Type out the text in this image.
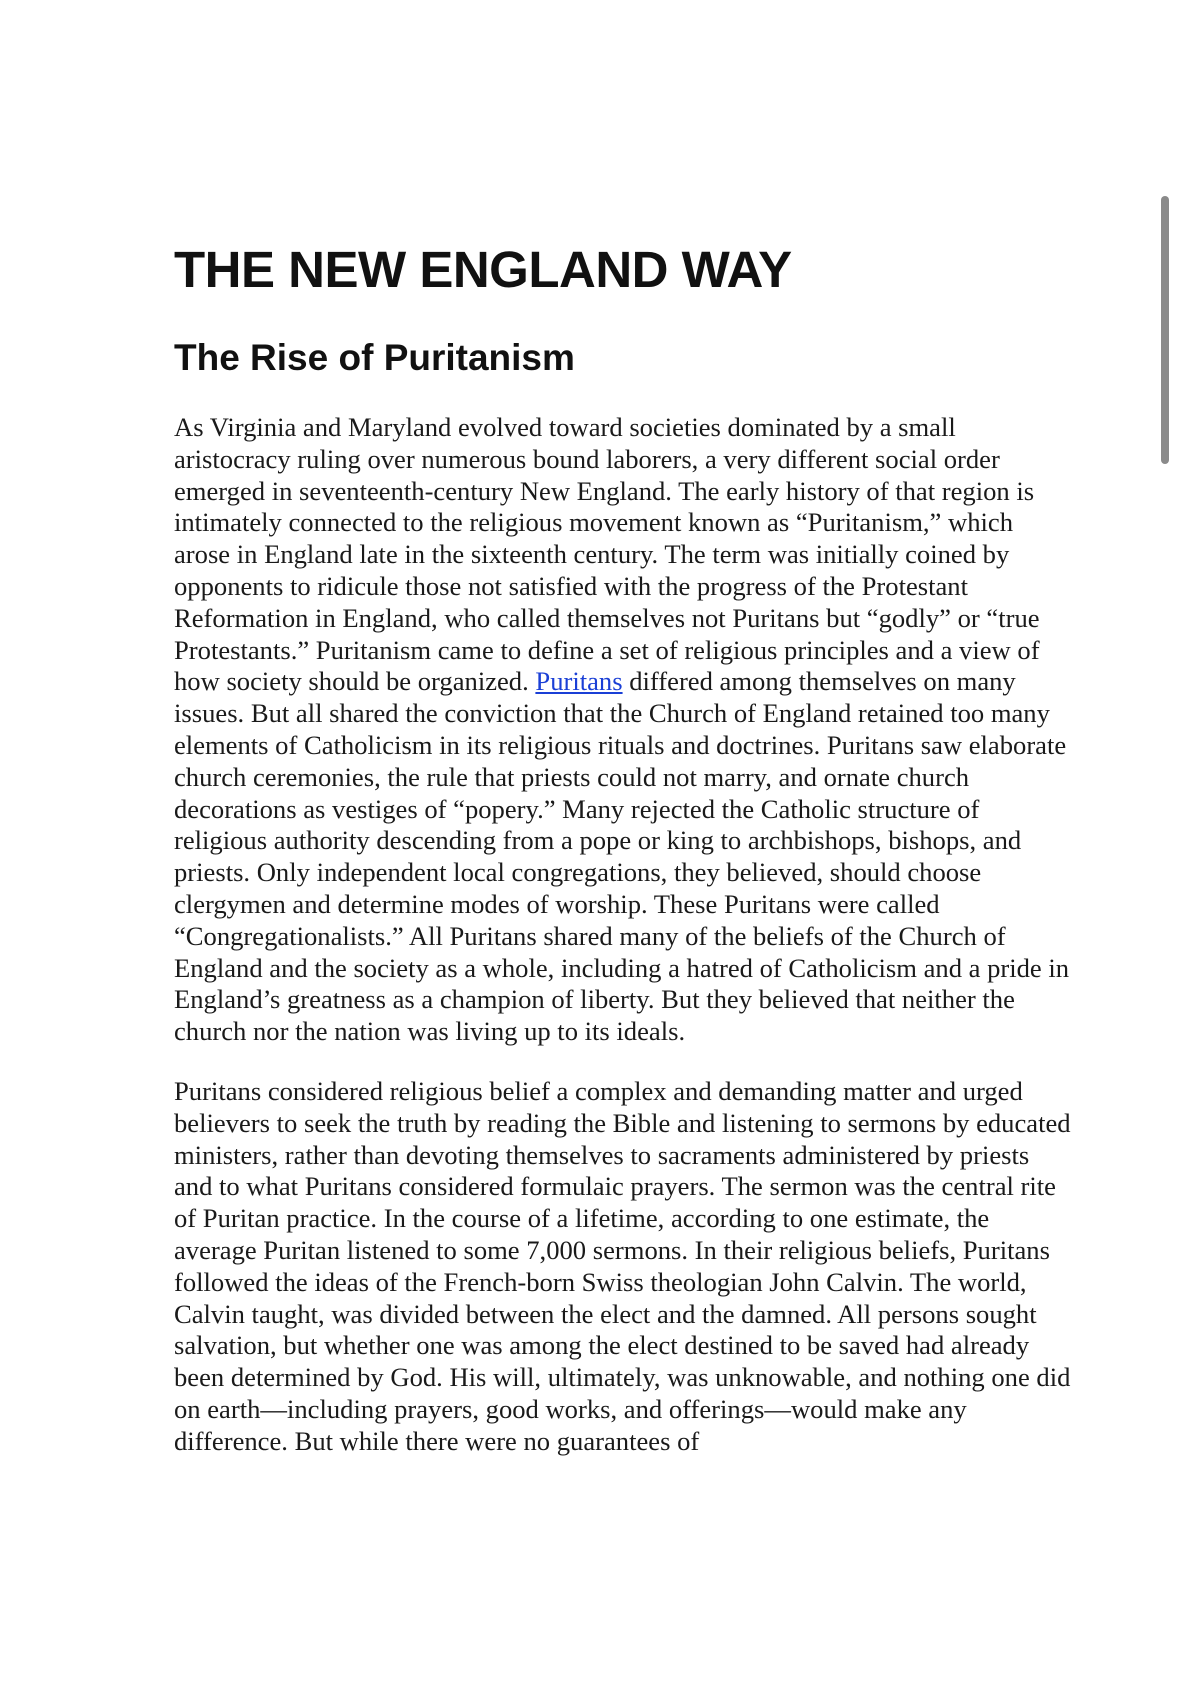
THE NEW ENGLAND WAY
The Rise of Puritanism

As Virginia and Maryland evolved toward societies dominated by a small aristocracy ruling over numerous bound laborers, a very different social order emerged in seventeenth-century New England. The early history of that region is intimately connected to the religious movement known as “Puritanism,” which arose in England late in the sixteenth century. The term was initially coined by opponents to ridicule those not satisfied with the progress of the Protestant Reformation in England, who called themselves not Puritans but “godly” or “true Protestants.” Puritanism came to define a set of religious principles and a view of how society should be organized. Puritans differed among themselves on many issues. But all shared the conviction that the Church of England retained too many elements of Catholicism in its religious rituals and doctrines. Puritans saw elaborate church ceremonies, the rule that priests could not marry, and ornate church decorations as vestiges of “popery.” Many rejected the Catholic structure of religious authority descending from a pope or king to archbishops, bishops, and priests. Only independent local congregations, they believed, should choose clergymen and determine modes of worship. These Puritans were called “Congregationalists.” All Puritans shared many of the beliefs of the Church of England and the society as a whole, including a hatred of Catholicism and a pride in England’s greatness as a champion of liberty. But they believed that neither the church nor the nation was living up to its ideals.

Puritans considered religious belief a complex and demanding matter and urged believers to seek the truth by reading the Bible and listening to sermons by educated ministers, rather than devoting themselves to sacraments administered by priests and to what Puritans considered formulaic prayers. The sermon was the central rite of Puritan practice. In the course of a lifetime, according to one estimate, the average Puritan listened to some 7,000 sermons. In their religious beliefs, Puritans followed the ideas of the French-born Swiss theologian John Calvin. The world, Calvin taught, was divided between the elect and the damned. All persons sought salvation, but whether one was among the elect destined to be saved had already been determined by God. His will, ultimately, was unknowable, and nothing one did on earth—including prayers, good works, and offerings—would make any difference. But while there were no guarantees of
